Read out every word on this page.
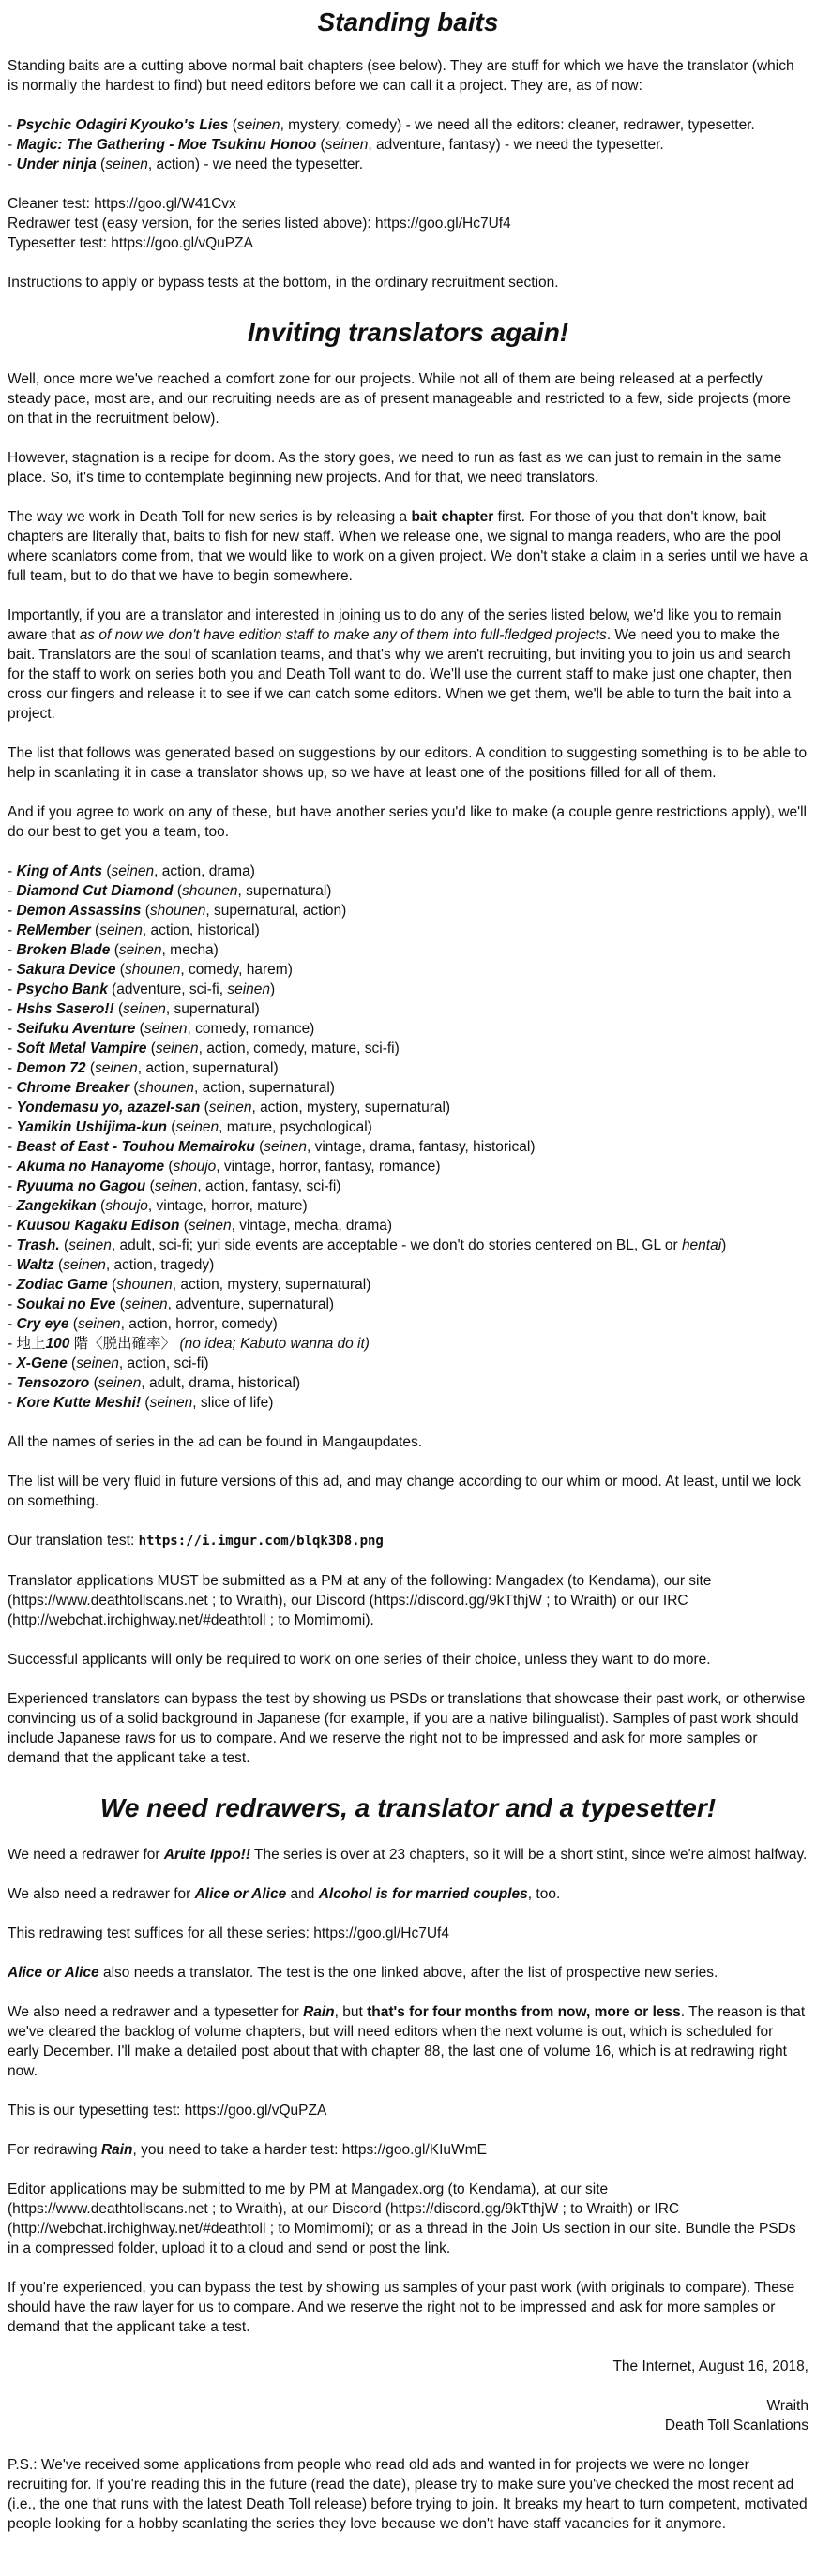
Standing baits
Standing baits are a cutting above normal bait chapters (see below). They are stuff for which we have the translator (which is normally the hardest to find) but need editors before we can call it a project. They are, as of now:
- Psychic Odagiri Kyouko's Lies (seinen, mystery, comedy) - we need all the editors: cleaner, redrawer, typesetter.
- Magic: The Gathering - Moe Tsukinu Honoo (seinen, adventure, fantasy) - we need the typesetter.
- Under ninja (seinen, action) - we need the typesetter.
Cleaner test: https://goo.gl/W41Cvx
Redrawer test (easy version, for the series listed above): https://goo.gl/Hc7Uf4
Typesetter test: https://goo.gl/vQuPZA
Instructions to apply or bypass tests at the bottom, in the ordinary recruitment section.
Inviting translators again!
Well, once more we've reached a comfort zone for our projects. While not all of them are being released at a perfectly steady pace, most are, and our recruiting needs are as of present manageable and restricted to a few, side projects (more on that in the recruitment below).
However, stagnation is a recipe for doom. As the story goes, we need to run as fast as we can just to remain in the same place. So, it's time to contemplate beginning new projects. And for that, we need translators.
The way we work in Death Toll for new series is by releasing a bait chapter first. For those of you that don't know, bait chapters are literally that, baits to fish for new staff. When we release one, we signal to manga readers, who are the pool where scanlators come from, that we would like to work on a given project. We don't stake a claim in a series until we have a full team, but to do that we have to begin somewhere.
Importantly, if you are a translator and interested in joining us to do any of the series listed below, we'd like you to remain aware that as of now we don't have edition staff to make any of them into full-fledged projects. We need you to make the bait. Translators are the soul of scanlation teams, and that's why we aren't recruiting, but inviting you to join us and search for the staff to work on series both you and Death Toll want to do. We'll use the current staff to make just one chapter, then cross our fingers and release it to see if we can catch some editors. When we get them, we'll be able to turn the bait into a project.
The list that follows was generated based on suggestions by our editors. A condition to suggesting something is to be able to help in scanlating it in case a translator shows up, so we have at least one of the positions filled for all of them.
And if you agree to work on any of these, but have another series you'd like to make (a couple genre restrictions apply), we'll do our best to get you a team, too.
- King of Ants (seinen, action, drama)
- Diamond Cut Diamond (shounen, supernatural)
- Demon Assassins (shounen, supernatural, action)
- ReMember (seinen, action, historical)
- Broken Blade (seinen, mecha)
- Sakura Device (shounen, comedy, harem)
- Psycho Bank (adventure, sci-fi, seinen)
- Hshs Sasero!! (seinen, supernatural)
- Seifuku Aventure (seinen, comedy, romance)
- Soft Metal Vampire (seinen, action, comedy, mature, sci-fi)
- Demon 72 (seinen, action, supernatural)
- Chrome Breaker (shounen, action, supernatural)
- Yondemasu yo, azazel-san (seinen, action, mystery, supernatural)
- Yamikin Ushijima-kun (seinen, mature, psychological)
- Beast of East - Touhou Memairoku (seinen, vintage, drama, fantasy, historical)
- Akuma no Hanayome (shoujo, vintage, horror, fantasy, romance)
- Ryuuma no Gagou (seinen, action, fantasy, sci-fi)
- Zangekikan (shoujo, vintage, horror, mature)
- Kuusou Kagaku Edison (seinen, vintage, mecha, drama)
- Trash. (seinen, adult, sci-fi; yuri side events are acceptable - we don't do stories centered on BL, GL or hentai)
- Waltz (seinen, action, tragedy)
- Zodiac Game (shounen, action, mystery, supernatural)
- Soukai no Eve (seinen, adventure, supernatural)
- Cry eye (seinen, action, horror, comedy)
- 地上100 階〈脱出確率〉 (no idea; Kabuto wanna do it)
- X-Gene (seinen, action, sci-fi)
- Tensozoro (seinen, adult, drama, historical)
- Kore Kutte Meshi! (seinen, slice of life)
All the names of series in the ad can be found in Mangaupdates.
The list will be very fluid in future versions of this ad, and may change according to our whim or mood. At least, until we lock on something.
Our translation test: https://i.imgur.com/blqk3D8.png
Translator applications MUST be submitted as a PM at any of the following: Mangadex (to Kendama), our site (https://www.deathtollscans.net ; to Wraith), our Discord (https://discord.gg/9kTthjW ; to Wraith) or our IRC (http://webchat.irchighway.net/#deathtoll ; to Momimomi).
Successful applicants will only be required to work on one series of their choice, unless they want to do more.
Experienced translators can bypass the test by showing us PSDs or translations that showcase their past work, or otherwise convincing us of a solid background in Japanese (for example, if you are a native bilingualist). Samples of past work should include Japanese raws for us to compare. And we reserve the right not to be impressed and ask for more samples or demand that the applicant take a test.
We need redrawers, a translator and a typesetter!
We need a redrawer for Aruite Ippo!! The series is over at 23 chapters, so it will be a short stint, since we're almost halfway.
We also need a redrawer for Alice or Alice and Alcohol is for married couples, too.
This redrawing test suffices for all these series: https://goo.gl/Hc7Uf4
Alice or Alice also needs a translator. The test is the one linked above, after the list of prospective new series.
We also need a redrawer and a typesetter for Rain, but that's for four months from now, more or less. The reason is that we've cleared the backlog of volume chapters, but will need editors when the next volume is out, which is scheduled for early December. I'll make a detailed post about that with chapter 88, the last one of volume 16, which is at redrawing right now.
This is our typesetting test: https://goo.gl/vQuPZA
For redrawing Rain, you need to take a harder test: https://goo.gl/KIuWmE
Editor applications may be submitted to me by PM at Mangadex.org (to Kendama), at our site (https://www.deathtollscans.net ; to Wraith), at our Discord (https://discord.gg/9kTthjW ; to Wraith) or IRC (http://webchat.irchighway.net/#deathtoll ; to Momimomi); or as a thread in the Join Us section in our site. Bundle the PSDs in a compressed folder, upload it to a cloud and send or post the link.
If you're experienced, you can bypass the test by showing us samples of your past work (with originals to compare). These should have the raw layer for us to compare. And we reserve the right not to be impressed and ask for more samples or demand that the applicant take a test.
The Internet, August 16, 2018,
Wraith
Death Toll Scanlations
P.S.: We've received some applications from people who read old ads and wanted in for projects we were no longer recruiting for. If you're reading this in the future (read the date), please try to make sure you've checked the most recent ad (i.e., the one that runs with the latest Death Toll release) before trying to join. It breaks my heart to turn competent, motivated people looking for a hobby scanlating the series they love because we don't have staff vacancies for it anymore.
